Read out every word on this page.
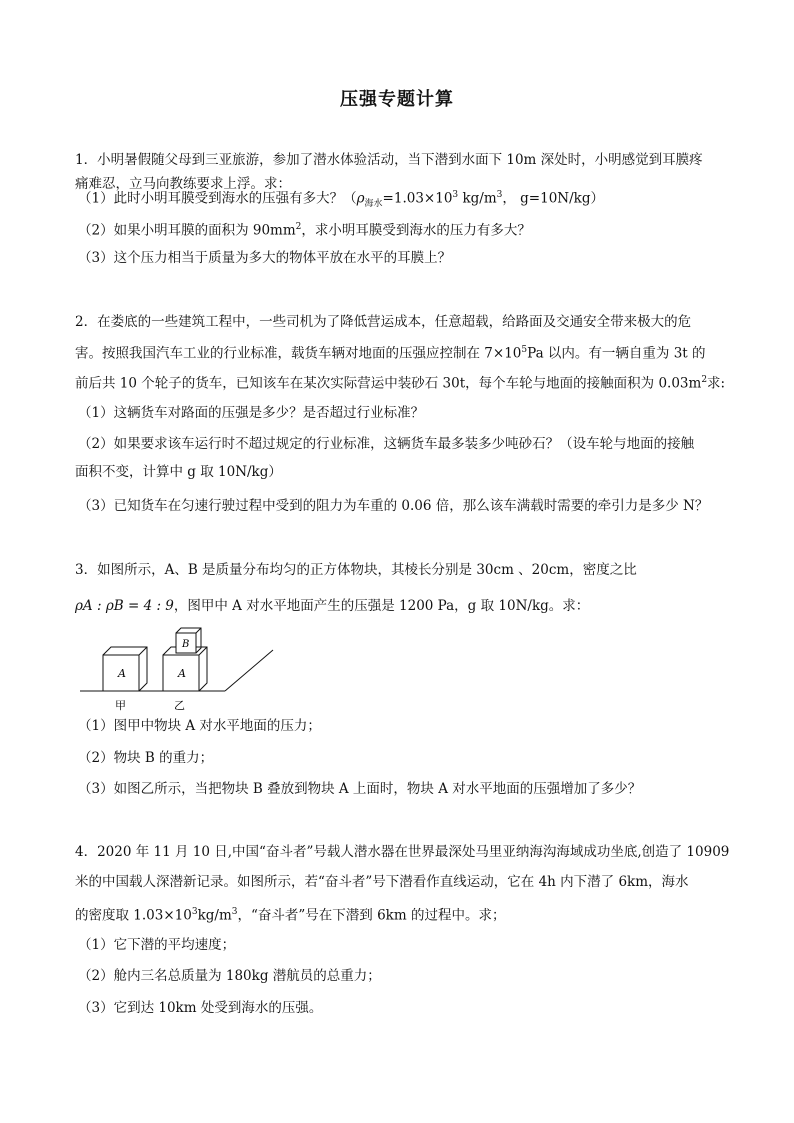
压强专题计算
1．小明暑假随父母到三亚旅游，参加了潜水体验活动，当下潜到水面下 10m 深处时，小明感觉到耳膜疼
痛难忍，立马向教练要求上浮。求：
（1）此时小明耳膜受到海水的压强有多大？（$\rho_{海水}=1.03\times 10^3$ $kg/m^3$， g=10N/kg）
（2）如果小明耳膜的面积为 $90mm^2$，求小明耳膜受到海水的压力有多大？
（3）这个压力相当于质量为多大的物体平放在水平的耳膜上？
2．在娄底的一些建筑工程中，一些司机为了降低营运成本，任意超载，给路面及交通安全带来极大的危
害。按照我国汽车工业的行业标准，载货车辆对地面的压强应控制在 $7\times 10^5Pa$ 以内。有一辆自重为 3t 的
前后共 10 个轮子的货车，已知该车在某次实际营运中装砂石 30t，每个车轮与地面的接触面积为 $0.03m^2$求:
（1）这辆货车对路面的压强是多少？是否超过行业标准？
（2）如果要求该车运行时不超过规定的行业标准，这辆货车最多装多少吨砂石？（设车轮与地面的接触
面积不变，计算中 g 取 10N/kg）
（3）已知货车在匀速行驶过程中受到的阻力为车重的 0.06 倍，那么该车满载时需要的牵引力是多少 N？
3．如图所示，A、B 是质量分布均匀的正方体物块，其棱长分别是 30cm 、20cm，密度之比
ρA : ρB = 4 : 9，图甲中 A 对水平地面产生的压强是 1200 Pa，g 取 10N/kg。求：
A	A
B
甲	乙
（1）图甲中物块 A 对水平地面的压力；
（2）物块 B 的重力；
（3）如图乙所示，当把物块 B 叠放到物块 A 上面时，物块 A 对水平地面的压强增加了多少？
4．2020 年 11 月 10 日,中国“奋斗者”号载人潜水器在世界最深处马里亚纳海沟海域成功坐底,创造了 10909
米的中国载人深潜新记录。如图所示，若“奋斗者”号下潜看作直线运动，它在 4h 内下潜了 6km，海水
的密度取 $1.03\times 10^3kg/m^3$，“奋斗者”号在下潜到 6km 的过程中。求；
（1）它下潜的平均速度；
（2）舱内三名总质量为 180kg 潜航员的总重力；
（3）它到达 10km 处受到海水的压强。
